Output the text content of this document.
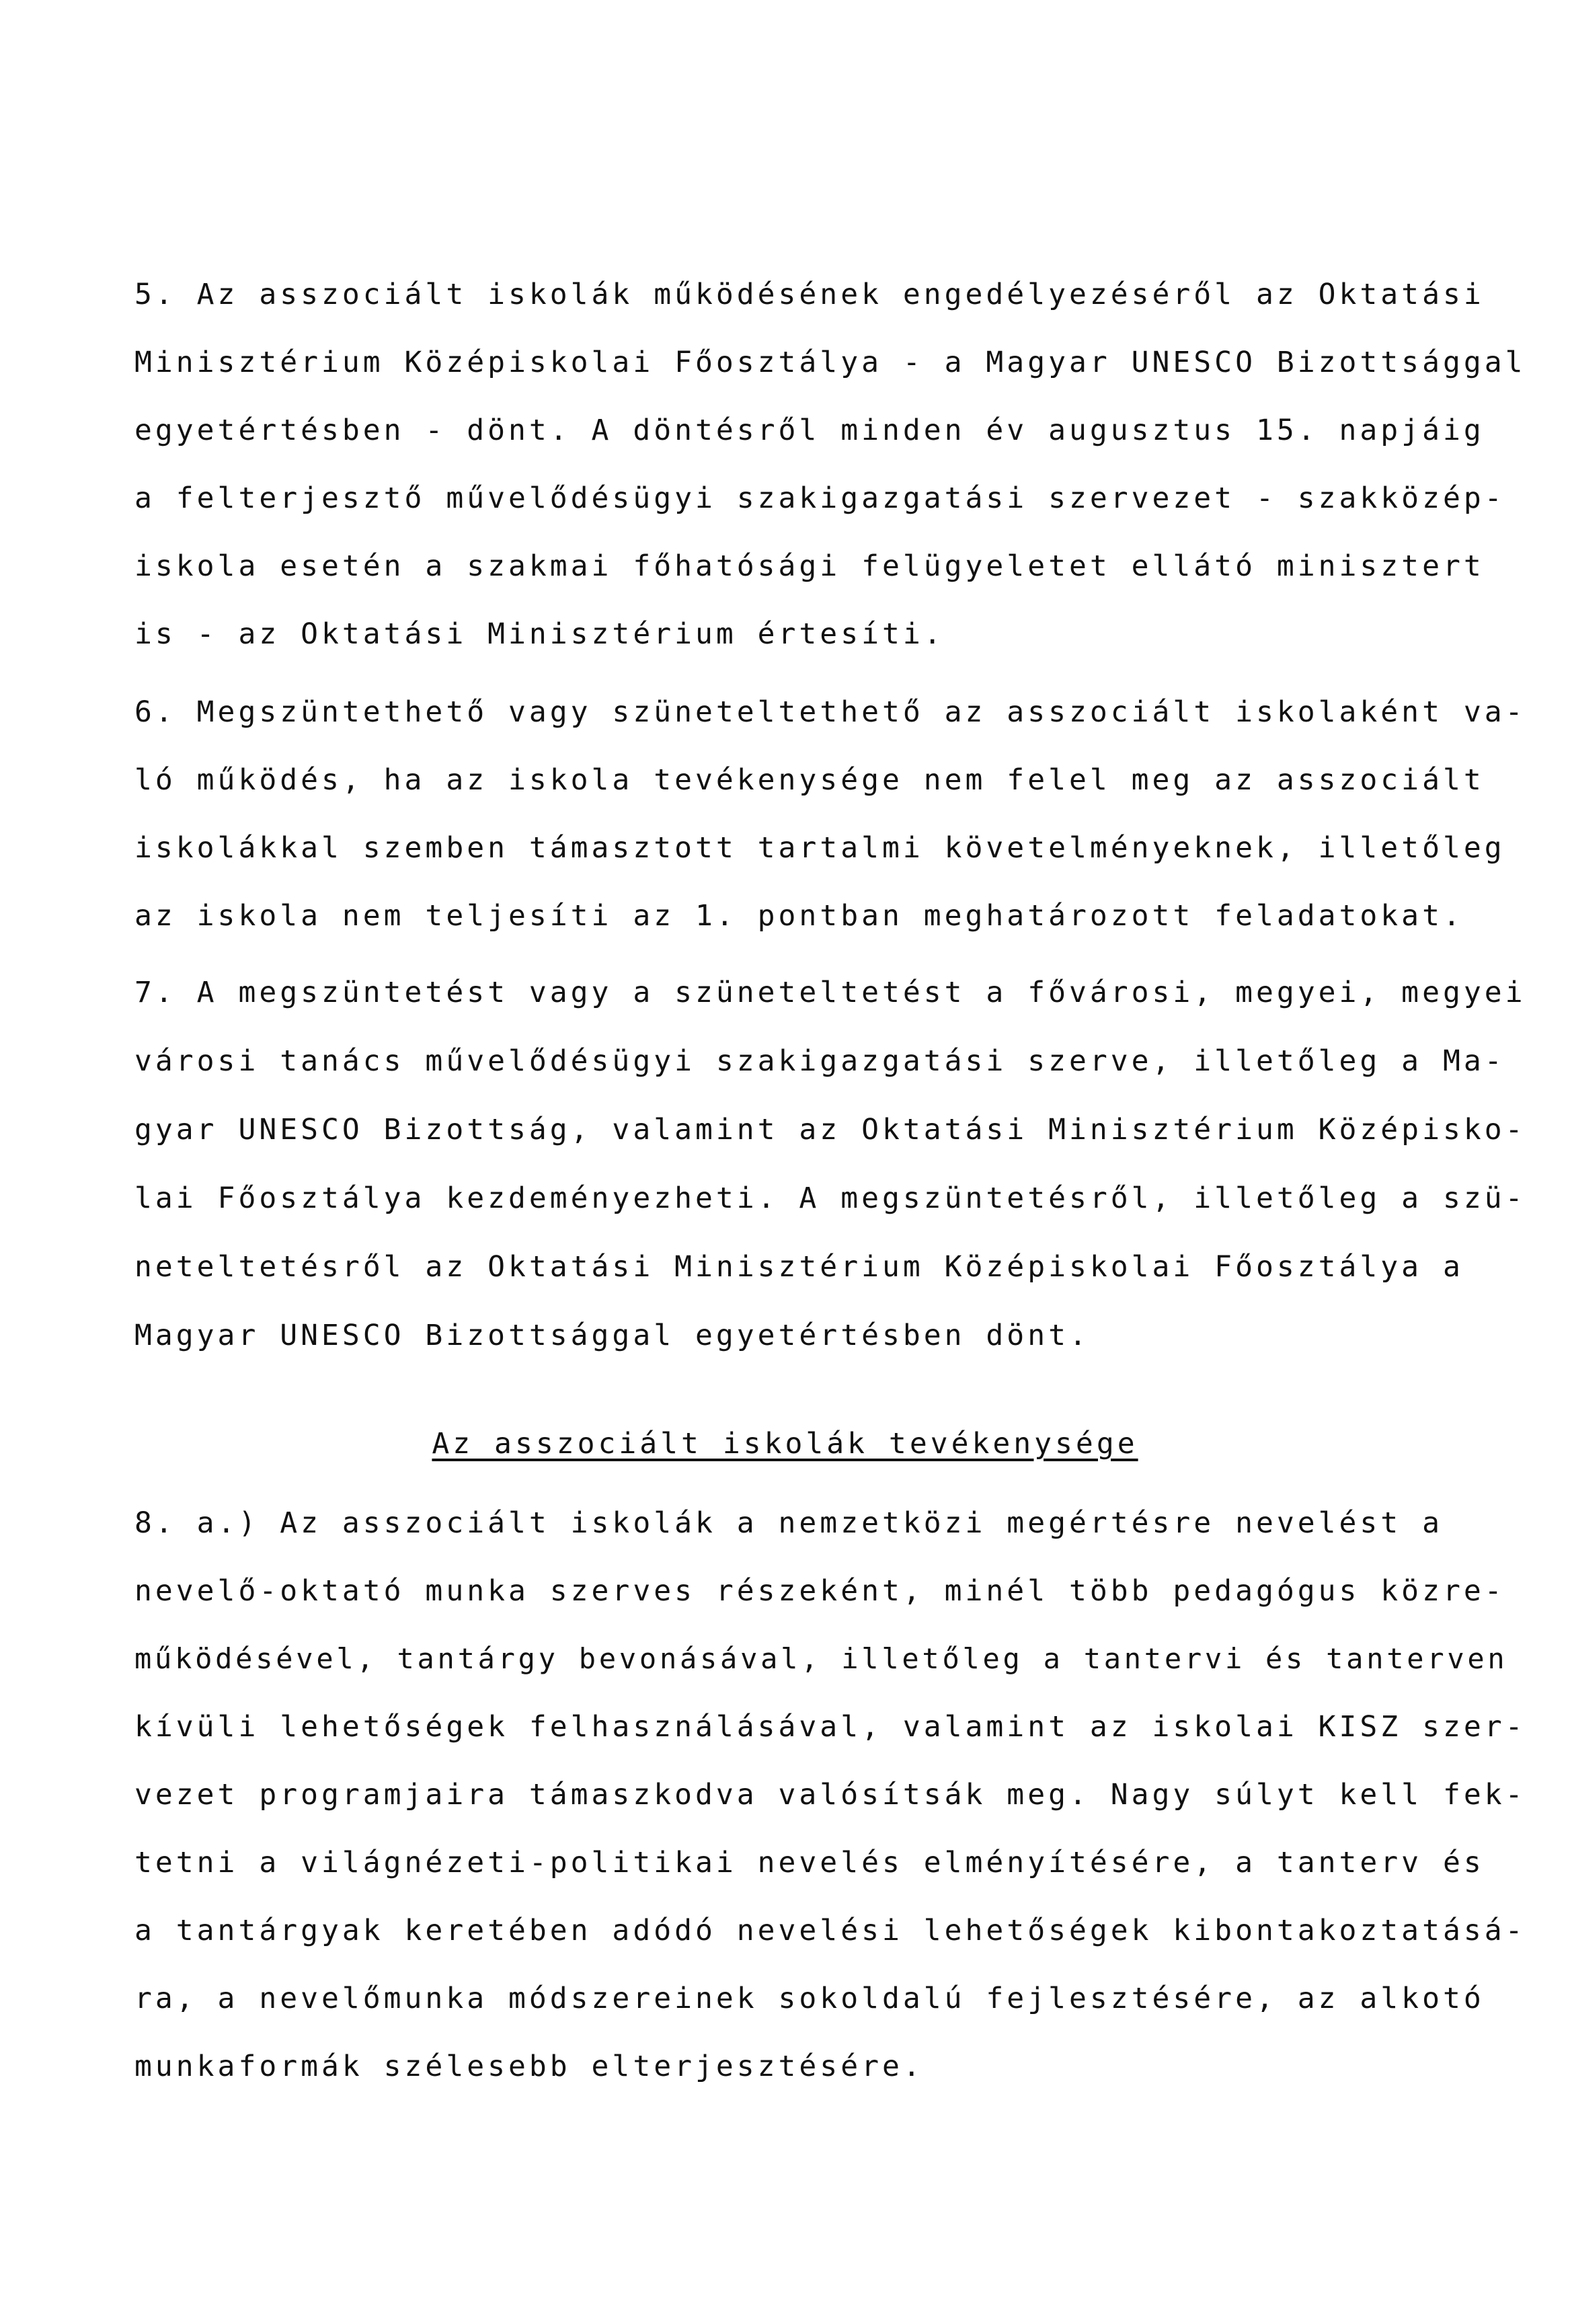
5. Az asszociált iskolák működésének engedélyezéséről az Oktatási
Minisztérium Középiskolai Főosztálya - a Magyar UNESCO Bizottsággal
egyetértésben - dönt. A döntésről minden év augusztus 15. napjáig
a felterjesztő művelődésügyi szakigazgatási szervezet - szakközép-
iskola esetén a szakmai főhatósági felügyeletet ellátó minisztert
is - az Oktatási Minisztérium értesíti.
6. Megszüntethető vagy szüneteltethető az asszociált iskolaként va-
ló működés, ha az iskola tevékenysége nem felel meg az asszociált
iskolákkal szemben támasztott tartalmi követelményeknek, illetőleg
az iskola nem teljesíti az 1. pontban meghatározott feladatokat.
7. A megszüntetést vagy a szüneteltetést a fővárosi, megyei, megyei
városi tanács művelődésügyi szakigazgatási szerve, illetőleg a Ma-
gyar UNESCO Bizottság, valamint az Oktatási Minisztérium Középisko-
lai Főosztálya kezdeményezheti. A megszüntetésről, illetőleg a szü-
neteltetésről az Oktatási Minisztérium Középiskolai Főosztálya a
Magyar UNESCO Bizottsággal egyetértésben dönt.
Az asszociált iskolák tevékenysége
8. a.) Az asszociált iskolák a nemzetközi megértésre nevelést a
nevelő-oktató munka szerves részeként, minél több pedagógus közre-
működésével, tantárgy bevonásával, illetőleg a tantervi és tanterven
kívüli lehetőségek felhasználásával, valamint az iskolai KISZ szer-
vezet programjaira támaszkodva valósítsák meg. Nagy súlyt kell fek-
tetni a világnézeti-politikai nevelés elményítésére, a tanterv és
a tantárgyak keretében adódó nevelési lehetőségek kibontakoztatásá-
ra, a nevelőmunka módszereinek sokoldalú fejlesztésére, az alkotó
munkaformák szélesebb elterjesztésére.
